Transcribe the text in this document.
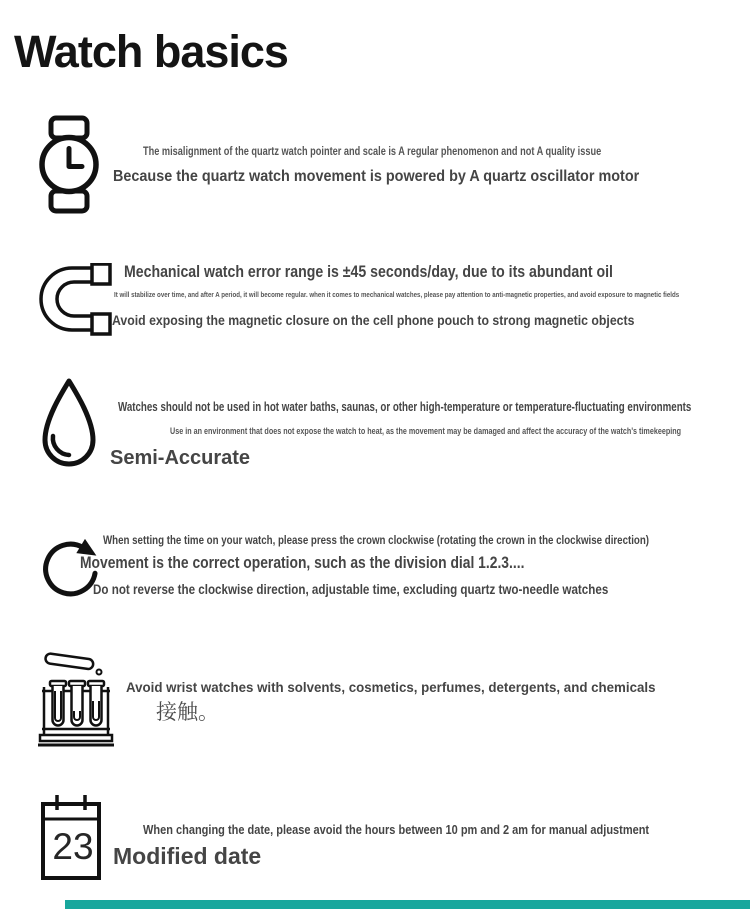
Watch basics
The misalignment of the quartz watch pointer and scale is A regular phenomenon and not A quality issue
Because the quartz watch movement is powered by A quartz oscillator motor
Mechanical watch error range is ±45 seconds/day, due to its abundant oil
It will stabilize over time, and after A period, it will become regular. when it comes to mechanical watches, please pay attention to anti-magnetic properties, and avoid exposure to magnetic fields
Avoid exposing the magnetic closure on the cell phone pouch to strong magnetic objects
Watches should not be used in hot water baths, saunas, or other high-temperature or temperature-fluctuating environments
Use in an environment that does not expose the watch to heat, as the movement may be damaged and affect the accuracy of the watch's timekeeping
Semi-Accurate
When setting the time on your watch, please press the crown clockwise (rotating the crown in the clockwise direction)
Movement is the correct operation, such as the division dial 1.2.3....
Do not reverse the clockwise direction, adjustable time, excluding quartz two-needle watches
Avoid wrist watches with solvents, cosmetics, perfumes, detergents, and chemicals
接触。
23	When changing the date, please avoid the hours between 10 pm and 2 am for manual adjustment
Modified date
